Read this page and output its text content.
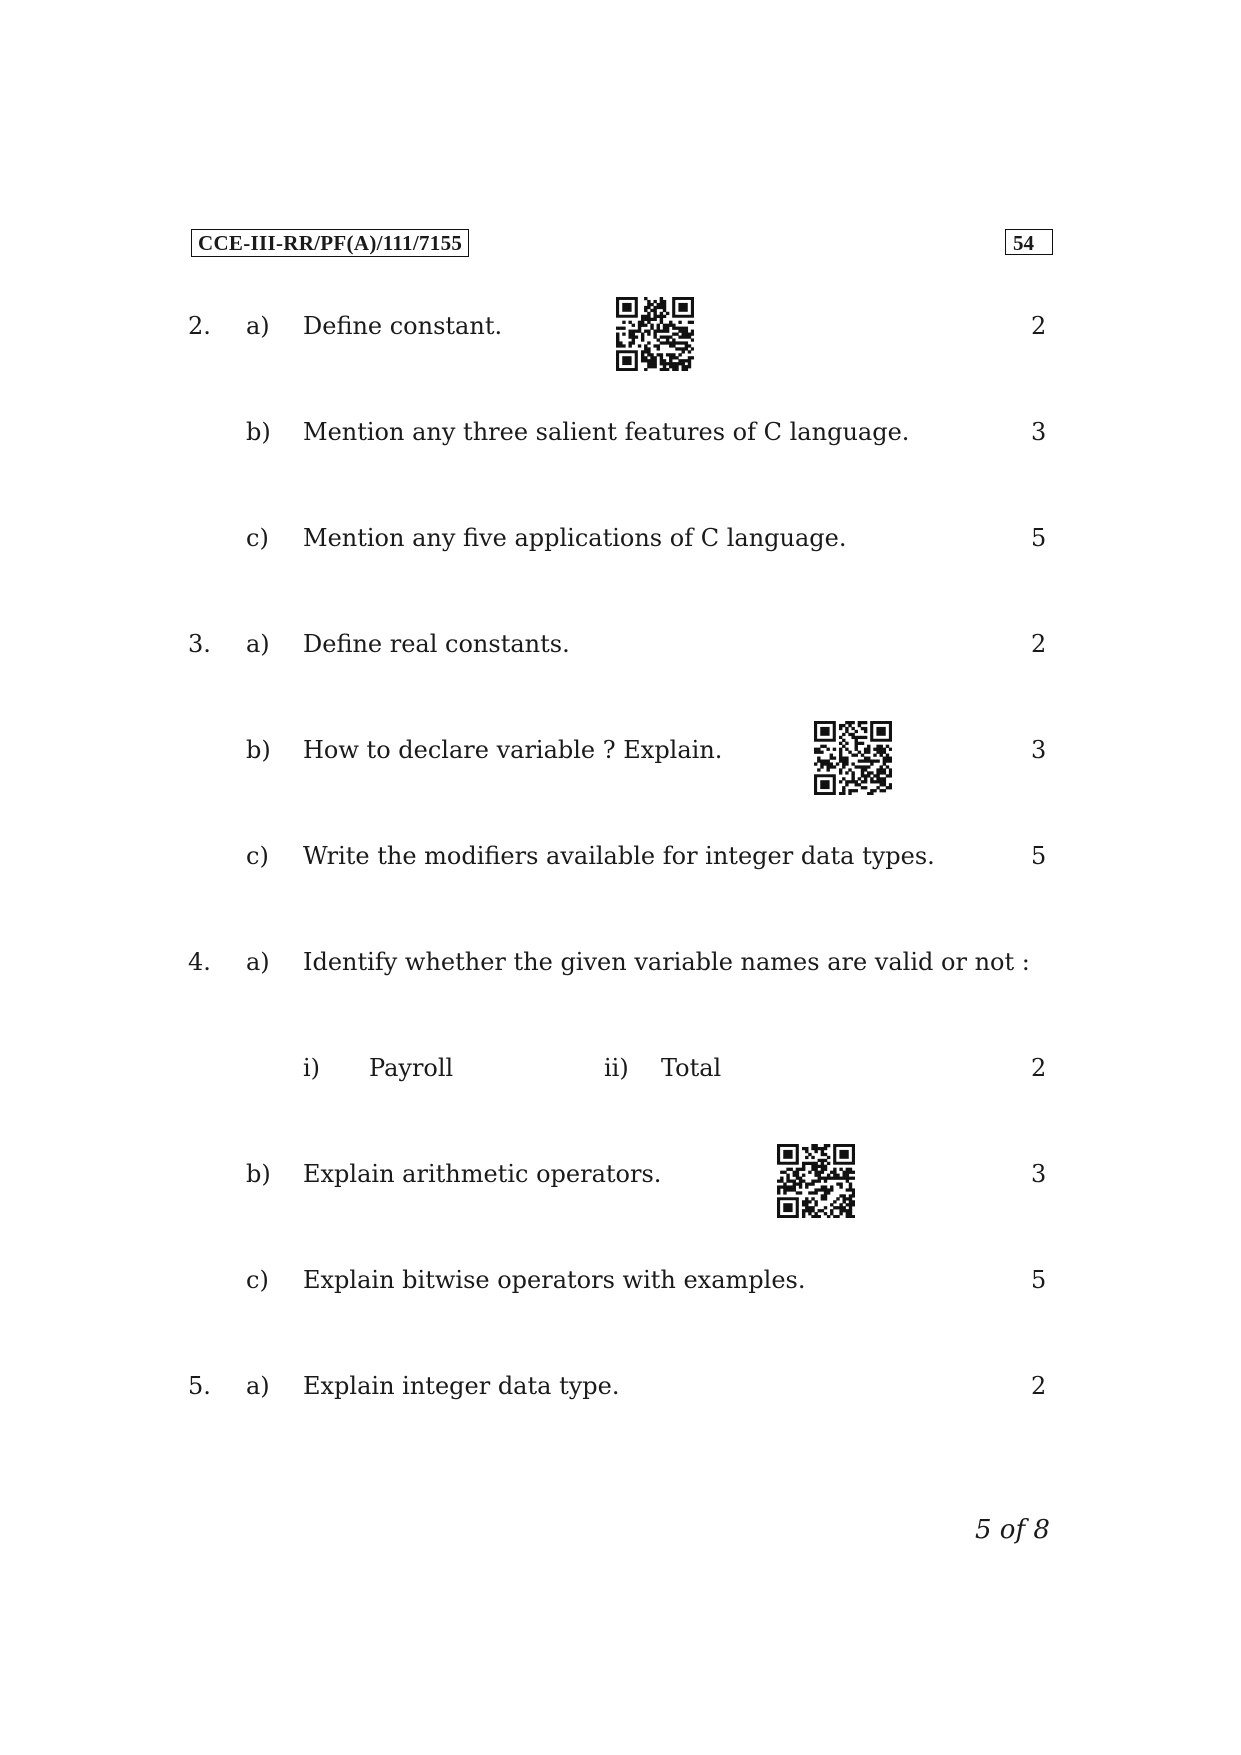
CCE-III-RR/PF(A)/111/7155	54
2. a) Define constant.	2
b) Mention any three salient features of C language.	3
c) Mention any five applications of C language.	5
3. a) Define real constants.	2
b) How to declare variable ? Explain.	3
c) Write the modifiers available for integer data types.	5
4. a) Identify whether the given variable names are valid or not :
i) Payroll	ii) Total	2
b) Explain arithmetic operators.	3
c) Explain bitwise operators with examples.	5
5. a) Explain integer data type.	2
5 of 8
